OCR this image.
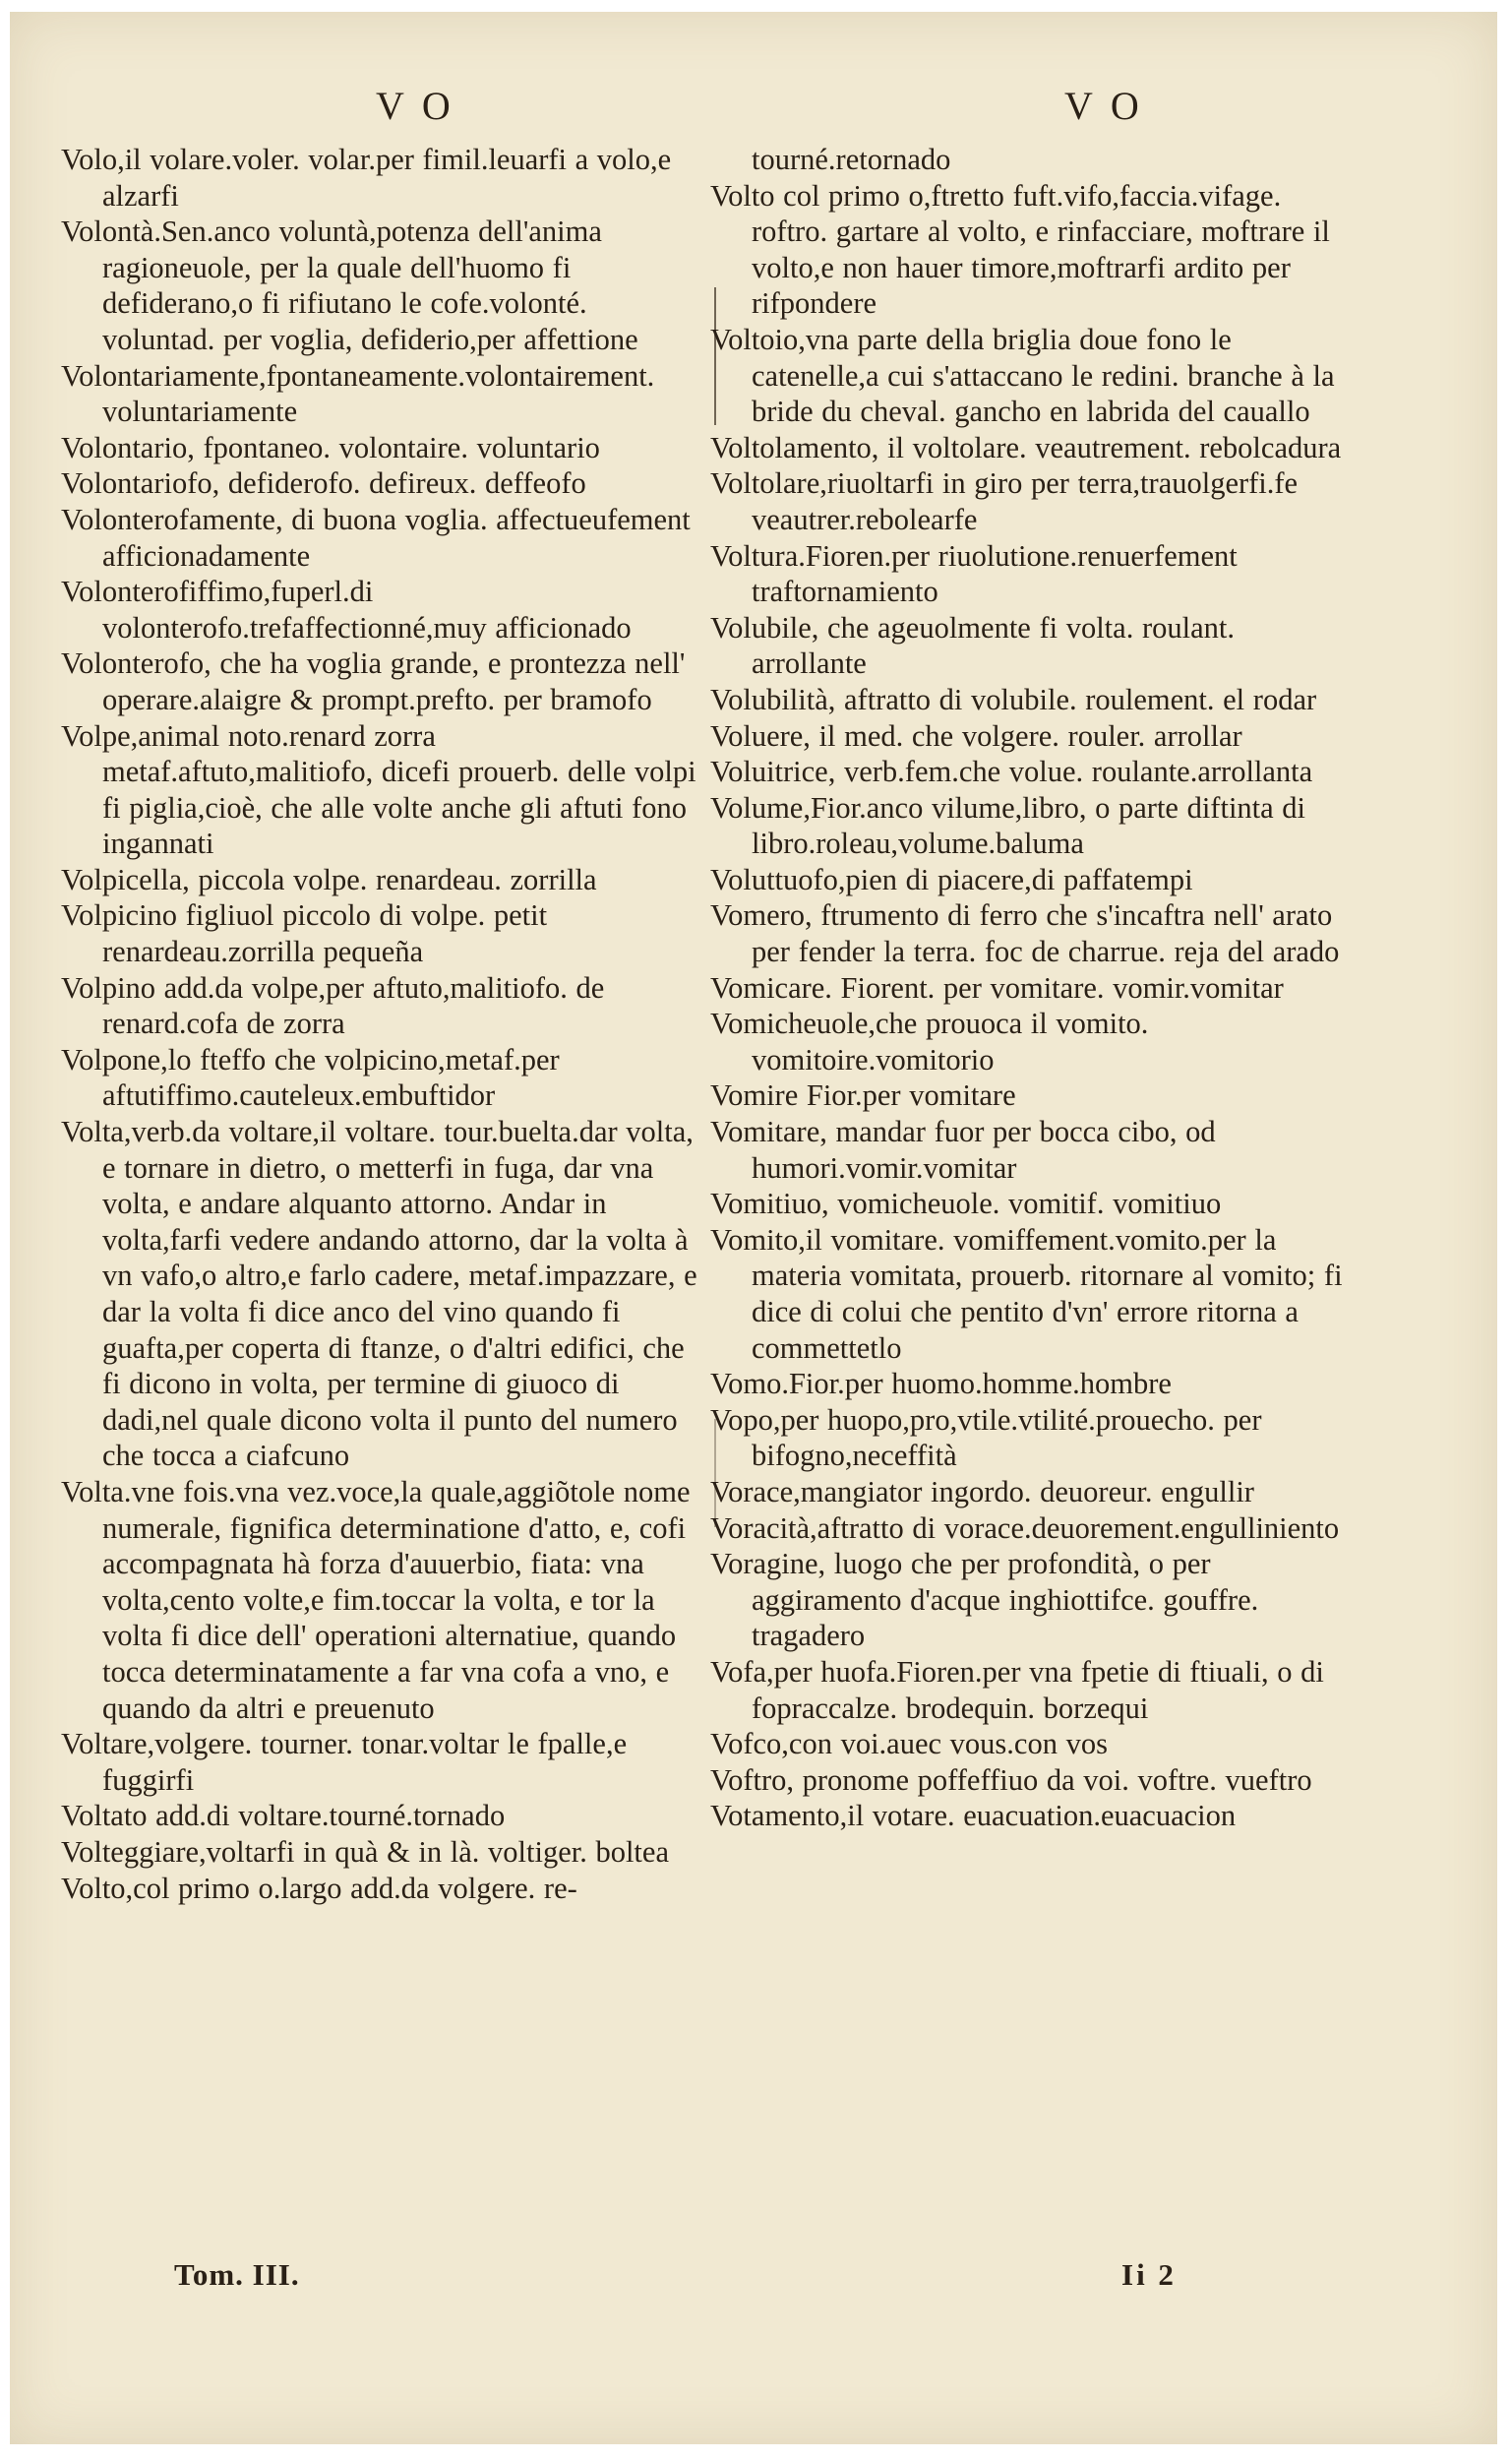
VO	VO
Volo,il volare.voler. volar.per fimil.leuarfi a volo,e alzarfi
Volontà.Sen.anco voluntà,potenza dell'anima ragioneuole, per la quale dell'huomo fi defiderano,o fi rifiutano le cofe.volonté. voluntad. per voglia, defiderio,per affettione
Volontariamente,fpontaneamente.volontairement. voluntariamente
Volontario, fpontaneo. volontaire. voluntario
Volontariofo, defiderofo. defireux. deffeofo
Volonterofamente, di buona voglia. affectueufement afficionadamente
Volonterofiffimo,fuperl.di volonterofo.trefaffectionné,muy afficionado
Volonterofo, che ha voglia grande, e prontezza nell' operare.alaigre & prompt.prefto. per bramofo
Volpe,animal noto.renard zorra metaf.aftuto,malitiofo, dicefi prouerb. delle volpi fi piglia,cioè, che alle volte anche gli aftuti fono ingannati
Volpicella, piccola volpe. renardeau. zorrilla
Volpicino figliuol piccolo di volpe. petit renardeau.zorrilla pequeña
Volpino add.da volpe,per aftuto,malitiofo. de renard.cofa de zorra
Volpone,lo fteffo che volpicino,metaf.per aftutiffimo.cauteleux.embuftidor
Volta,verb.da voltare,il voltare. tour.buelta.dar volta, e tornare in dietro, o metterfi in fuga, dar vna volta, e andare alquanto attorno. Andar in volta,farfi vedere andando attorno, dar la volta à vn vafo,o altro,e farlo cadere, metaf.impazzare, e dar la volta fi dice anco del vino quando fi guafta,per coperta di ftanze, o d'altri edifici, che fi dicono in volta, per termine di giuoco di dadi,nel quale dicono volta il punto del numero che tocca a ciafcuno
Volta.vne fois.vna vez.voce,la quale,aggiõtole nome numerale, fignifica determinatione d'atto, e, cofi accompagnata hà forza d'auuerbio, fiata: vna volta,cento volte,e fim.toccar la volta, e tor la volta fi dice dell' operationi alternatiue, quando tocca determinatamente a far vna cofa a vno, e quando da altri e preuenuto
Voltare,volgere. tourner. tonar.voltar le fpalle,e fuggirfi
Voltato add.di voltare.tourné.tornado
Volteggiare,voltarfi in quà & in là. voltiger. boltea
Volto,col primo o.largo add.da volgere. re-
tourné.retornado
Volto col primo o,ftretto fuft.vifo,faccia.vifage. roftro. gartare al volto, e rinfacciare, moftrare il volto,e non hauer timore,moftrarfi ardito per rifpondere
Voltoio,vna parte della briglia doue fono le catenelle,a cui s'attaccano le redini. branche à la bride du cheval. gancho en labrida del cauallo
Voltolamento, il voltolare. veautrement. rebolcadura
Voltolare,riuoltarfi in giro per terra,trauolgerfi.fe veautrer.rebolearfe
Voltura.Fioren.per riuolutione.renuerfement traftornamiento
Volubile, che ageuolmente fi volta. roulant. arrollante
Volubilità, aftratto di volubile. roulement. el rodar
Voluere, il med. che volgere. rouler. arrollar
Voluitrice, verb.fem.che volue. roulante.arrollanta
Volume,Fior.anco vilume,libro, o parte diftinta di libro.roleau,volume.baluma
Voluttuofo,pien di piacere,di paffatempi
Vomero, ftrumento di ferro che s'incaftra nell' arato per fender la terra. foc de charrue. reja del arado
Vomicare. Fiorent. per vomitare. vomir.vomitar
Vomicheuole,che prouoca il vomito. vomitoire.vomitorio
Vomire Fior.per vomitare
Vomitare, mandar fuor per bocca cibo, od humori.vomir.vomitar
Vomitiuo, vomicheuole. vomitif. vomitiuo
Vomito,il vomitare. vomiffement.vomito.per la materia vomitata, prouerb. ritornare al vomito; fi dice di colui che pentito d'vn' errore ritorna a commettetlo
Vomo.Fior.per huomo.homme.hombre
Vopo,per huopo,pro,vtile.vtilité.prouecho. per bifogno,neceffità
Vorace,mangiator ingordo. deuoreur. engullir
Voracità,aftratto di vorace.deuorement.engulliniento
Voragine, luogo che per profondità, o per aggiramento d'acque inghiottifce. gouffre. tragadero
Vofa,per huofa.Fioren.per vna fpetie di ftiuali, o di fopraccalze. brodequin. borzequi
Vofco,con voi.auec vous.con vos
Voftro, pronome poffeffiuo da voi. voftre. vueftro
Votamento,il votare. euacuation.euacuacion
Tom. III.	Ii 2
